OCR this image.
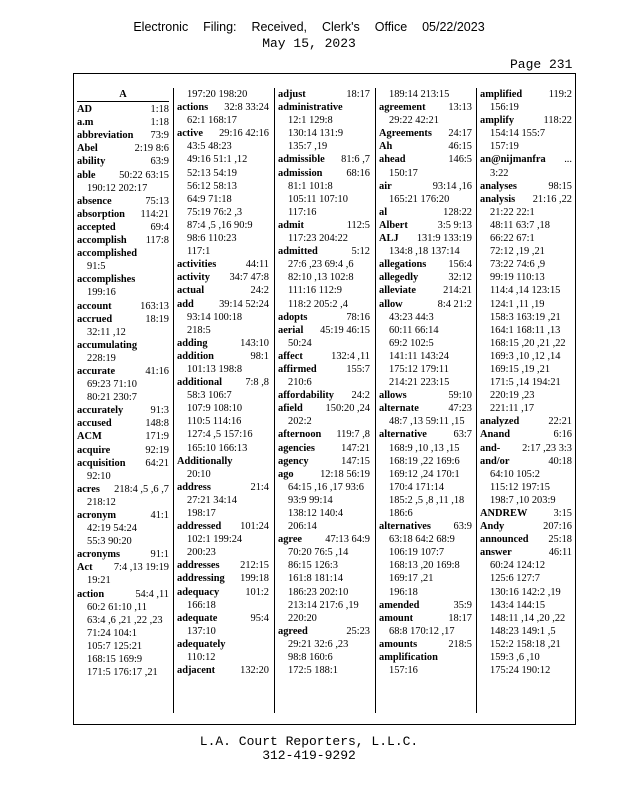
Electronic  Filing:  Received,  Clerk's  Office  05/22/2023
May 15, 2023
Page 231
A
1:18
AD
1:18
a.m
73:9
abbreviation
2:19 8:6
Abel
63:9
ability
50:22 63:15
able
190:12 202:17
75:13
absence
114:21
absorption
69:4
accepted
117:8
accomplish
accomplished
91:5
accomplishes
199:16
163:13
account
18:19
accrued
32:11 ,12
accumulating
228:19
41:16
accurate
69:23 71:10
80:21 230:7
91:3
accurately
148:8
accused
171:9
ACM
92:19
acquire
64:21
acquisition
92:10
218:4 ,5 ,6 ,7
acres
218:12
41:1
acronym
42:19 54:24
55:3 90:20
91:1
acronyms
7:4 ,13 19:19
Act
19:21
54:4 ,11
action
60:2 61:10 ,11
63:4 ,6 ,21 ,22 ,23
71:24 104:1
105:7 125:21
168:15 169:9
171:5 176:17 ,21
197:20 198:20
32:8 33:24
actions
62:1 168:17
29:16 42:16
active
43:5 48:23
49:16 51:1 ,12
52:13 54:19
56:12 58:13
64:9 71:18
75:19 76:2 ,3
87:4 ,5 ,16 90:9
98:6 110:23
117:1
44:11
activities
34:7 47:8
activity
24:2
actual
39:14 52:24
add
93:14 100:18
218:5
143:10
adding
98:1
addition
101:13 198:8
7:8 ,8
additional
58:3 106:7
107:9 108:10
110:5 114:16
127:4 ,5 157:16
165:10 166:13
Additionally
20:10
21:4
address
27:21 34:14
198:17
101:24
addressed
102:1 199:24
200:23
212:15
addresses
199:18
addressing
101:2
adequacy
166:18
95:4
adequate
137:10
adequately
110:12
132:20
adjacent
18:17
adjust
administrative
12:1 129:8
130:14 131:9
135:7 ,19
81:6 ,7
admissible
68:16
admission
81:1 101:8
105:11 107:10
117:16
112:5
admit
117:23 204:22
5:12
admitted
27:6 ,23 69:4 ,6
82:10 ,13 102:8
111:16 112:9
118:2 205:2 ,4
78:16
adopts
45:19 46:15
aerial
50:24
132:4 ,11
affect
155:7
affirmed
210:6
24:2
affordability
150:20 ,24
afield
202:2
119:7 ,8
afternoon
147:21
agencies
147:15
agency
12:18 56:19
ago
64:15 ,16 ,17 93:6
93:9 99:14
138:12 140:4
206:14
47:13 64:9
agree
70:20 76:5 ,14
86:15 126:3
161:8 181:14
186:23 202:10
213:14 217:6 ,19
220:20
25:23
agreed
29:21 32:6 ,23
98:8 160:6
172:5 188:1
189:14 213:15
13:13
agreement
29:22 42:21
24:17
Agreements
46:15
Ah
146:5
ahead
150:17
93:14 ,16
air
165:21 176:20
128:22
al
3:5 9:13
Albert
131:9 133:19
ALJ
134:8 ,18 137:14
156:4
allegations
32:12
allegedly
214:21
alleviate
8:4 21:2
allow
43:23 44:3
60:11 66:14
69:2 102:5
141:11 143:24
175:12 179:11
214:21 223:15
59:10
allows
47:23
alternate
48:7 ,13 59:11 ,15
63:7
alternative
168:9 ,10 ,13 ,15
168:19 ,22 169:6
169:12 ,24 170:1
170:4 171:14
185:2 ,5 ,8 ,11 ,18
186:6
63:9
alternatives
63:18 64:2 68:9
106:19 107:7
168:13 ,20 169:8
169:17 ,21
196:18
35:9
amended
18:17
amount
68:8 170:12 ,17
218:5
amounts
amplification
157:16
119:2
amplified
156:19
118:22
amplify
154:14 155:7
157:19
...
an@nijmanfra
3:22
98:15
analyses
21:16 ,22
analysis
21:22 22:1
48:11 63:7 ,18
66:22 67:1
72:12 ,19 ,21
73:22 74:6 ,9
99:19 110:13
114:4 ,14 123:15
124:1 ,11 ,19
158:3 163:19 ,21
164:1 168:11 ,13
168:15 ,20 ,21 ,22
169:3 ,10 ,12 ,14
169:15 ,19 ,21
171:5 ,14 194:21
220:19 ,23
221:11 ,17
22:21
analyzed
6:16
Anand
2:17 ,23 3:3
and-
40:18
and/or
64:10 105:2
115:12 197:15
198:7 ,10 203:9
3:15
ANDREW
207:16
Andy
25:18
announced
46:11
answer
60:24 124:12
125:6 127:7
130:16 142:2 ,19
143:4 144:15
148:11 ,14 ,20 ,22
148:23 149:1 ,5
152:2 158:18 ,21
159:3 ,6 ,10
175:24 190:12
L.A. Court Reporters, L.L.C.
312-419-9292
